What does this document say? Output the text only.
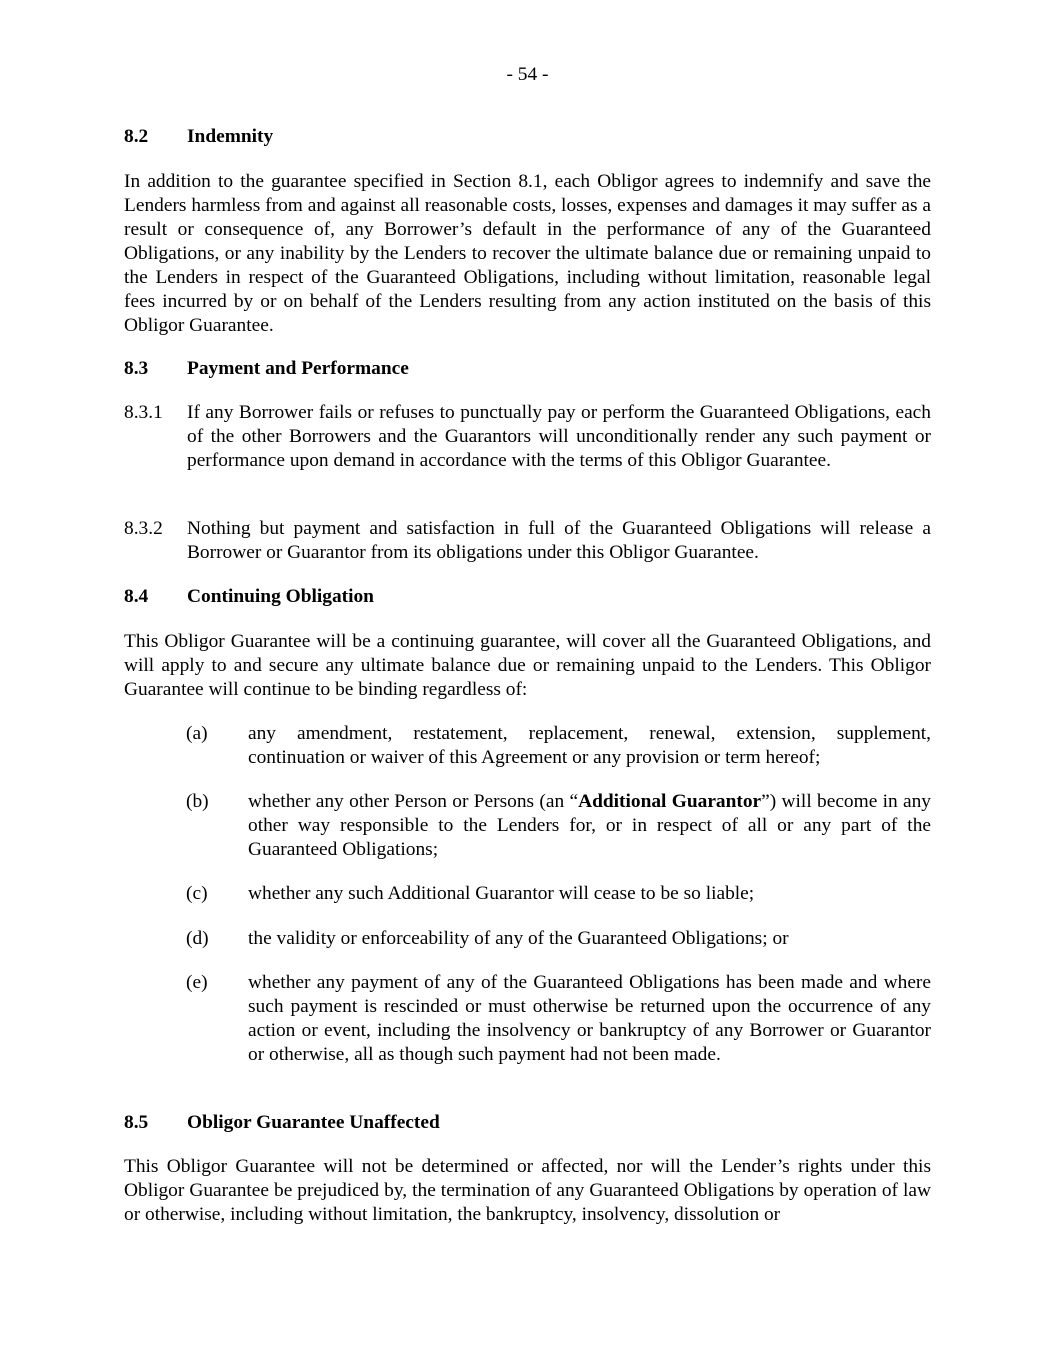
- 54 -
8.2 Indemnity
In addition to the guarantee specified in Section 8.1, each Obligor agrees to indemnify and save the Lenders harmless from and against all reasonable costs, losses, expenses and damages it may suffer as a result or consequence of, any Borrower’s default in the performance of any of the Guaranteed Obligations, or any inability by the Lenders to recover the ultimate balance due or remaining unpaid to the Lenders in respect of the Guaranteed Obligations, including without limitation, reasonable legal fees incurred by or on behalf of the Lenders resulting from any action instituted on the basis of this Obligor Guarantee.
8.3 Payment and Performance
8.3.1 If any Borrower fails or refuses to punctually pay or perform the Guaranteed Obligations, each of the other Borrowers and the Guarantors will unconditionally render any such payment or performance upon demand in accordance with the terms of this Obligor Guarantee.
8.3.2 Nothing but payment and satisfaction in full of the Guaranteed Obligations will release a Borrower or Guarantor from its obligations under this Obligor Guarantee.
8.4 Continuing Obligation
This Obligor Guarantee will be a continuing guarantee, will cover all the Guaranteed Obligations, and will apply to and secure any ultimate balance due or remaining unpaid to the Lenders. This Obligor Guarantee will continue to be binding regardless of:
(a) any amendment, restatement, replacement, renewal, extension, supplement, continuation or waiver of this Agreement or any provision or term hereof;
(b) whether any other Person or Persons (an “Additional Guarantor”) will become in any other way responsible to the Lenders for, or in respect of all or any part of the Guaranteed Obligations;
(c) whether any such Additional Guarantor will cease to be so liable;
(d) the validity or enforceability of any of the Guaranteed Obligations; or
(e) whether any payment of any of the Guaranteed Obligations has been made and where such payment is rescinded or must otherwise be returned upon the occurrence of any action or event, including the insolvency or bankruptcy of any Borrower or Guarantor or otherwise, all as though such payment had not been made.
8.5 Obligor Guarantee Unaffected
This Obligor Guarantee will not be determined or affected, nor will the Lender’s rights under this Obligor Guarantee be prejudiced by, the termination of any Guaranteed Obligations by operation of law or otherwise, including without limitation, the bankruptcy, insolvency, dissolution or
